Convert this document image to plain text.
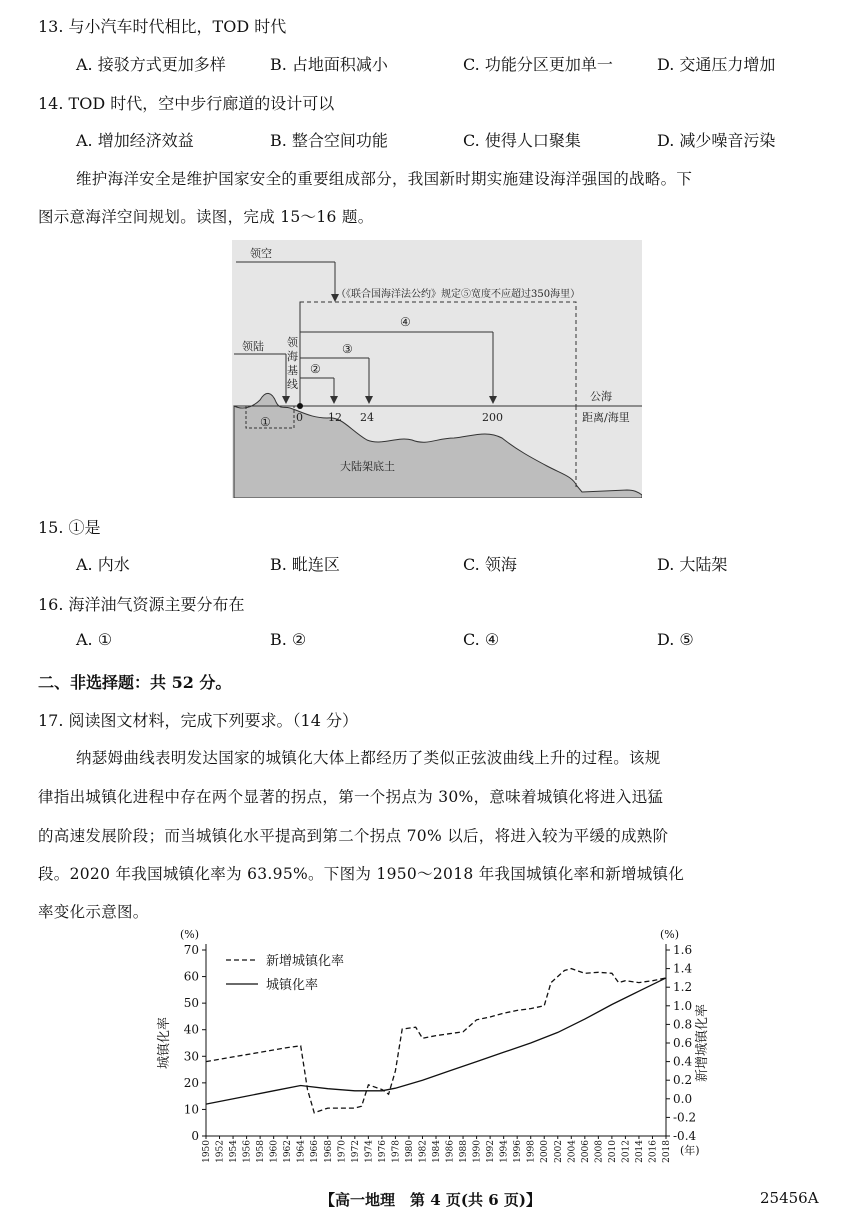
13. 与小汽车时代相比，TOD 时代
A. 接驳方式更加多样	B. 占地面积减小	C. 功能分区更加单一	D. 交通压力增加
14. TOD 时代，空中步行廊道的设计可以
A. 增加经济效益	B. 整合空间功能	C. 使得人口聚集	D. 减少噪音污染
维护海洋安全是维护国家安全的重要组成部分，我国新时期实施建设海洋强国的战略。下
图示意海洋空间规划。读图，完成 15～16 题。
领空
（《联合国海洋法公约》规定⑤宽度不应超过350海里）
领陆 领
海
基
线
④
③
②
① 0 12 24	200
公海
距离/海里
大陆架底土
15. ①是
A. 内水	B. 毗连区	C. 领海	D. 大陆架
16. 海洋油气资源主要分布在
A. ①	B. ②	C. ④	D. ⑤
二、非选择题：共 52 分。
17. 阅读图文材料，完成下列要求。（14 分）
纳瑟姆曲线表明发达国家的城镇化大体上都经历了类似正弦波曲线上升的过程。该规
律指出城镇化进程中存在两个显著的拐点，第一个拐点为 30%，意味着城镇化将进入迅猛
的高速发展阶段；而当城镇化水平提高到第二个拐点 70% 以后，将进入较为平缓的成熟阶
段。2020 年我国城镇化率为 63.95%。下图为 1950～2018 年我国城镇化率和新增城镇化
率变化示意图。
0
10
20
30
40
50
60
70
-0.4
-0.2
0.0
0.2
0.4
0.6
0.8
1.0
1.2
1.4
1.6
1950 1952 1954 1956 1958 1960 1962 1964 1966 1968 1970 1972 1974 1976 1978 1980 1982 1984 1986 1988 1990 1992 1994 1996 1998 2000 2002 2004 2006 2008 2010 2012 2014 2016 2018
(%)	(%)
(年)
城镇化率	新增城镇化率
新增城镇化率
城镇化率
【高一地理　第 4 页(共 6 页)】	25456A
